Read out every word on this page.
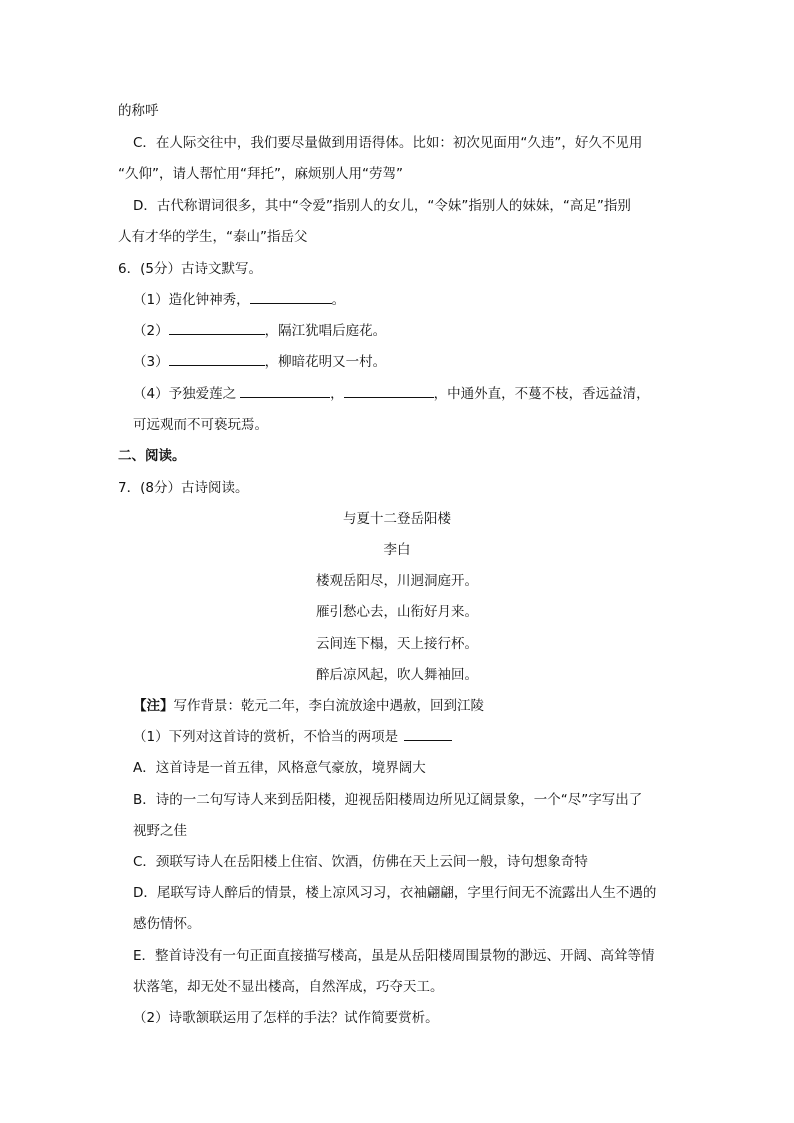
的称呼
C．在人际交往中，我们要尽量做到用语得体。比如：初次见面用“久违”，好久不见用
“久仰”，请人帮忙用“拜托”，麻烦别人用“劳驾”
D．古代称谓词很多，其中“令爱”指别人的女儿，“令妹”指别人的妹妹，“高足”指别
人有才华的学生，“泰山”指岳父
6．(5分）古诗文默写。
（1）造化钟神秀，	。
（2）	，隔江犹唱后庭花。
（3）	，柳暗花明又一村。
（4）予独爱莲之	，	，中通外直，不蔓不枝，香远益清，
可远观而不可亵玩焉。
二、阅读。
7．(8分）古诗阅读。
与夏十二登岳阳楼
李白
楼观岳阳尽，川迥洞庭开。
雁引愁心去，山衔好月来。
云间连下榻，天上接行杯。
醉后凉风起，吹人舞袖回。
【注】写作背景：乾元二年，李白流放途中遇赦，回到江陵
（1）下列对这首诗的赏析，不恰当的两项是
A．这首诗是一首五律，风格意气豪放，境界阔大
B．诗的一二句写诗人来到岳阳楼，迎视岳阳楼周边所见辽阔景象，一个“尽”字写出了
视野之佳
C．颈联写诗人在岳阳楼上住宿、饮酒，仿佛在天上云间一般，诗句想象奇特
D．尾联写诗人醉后的情景，楼上凉风习习，衣袖翩翩，字里行间无不流露出人生不遇的
感伤情怀。
E．整首诗没有一句正面直接描写楼高，虽是从岳阳楼周围景物的渺远、开阔、高耸等情
状落笔，却无处不显出楼高，自然浑成，巧夺天工。
（2）诗歌颔联运用了怎样的手法？试作简要赏析。
